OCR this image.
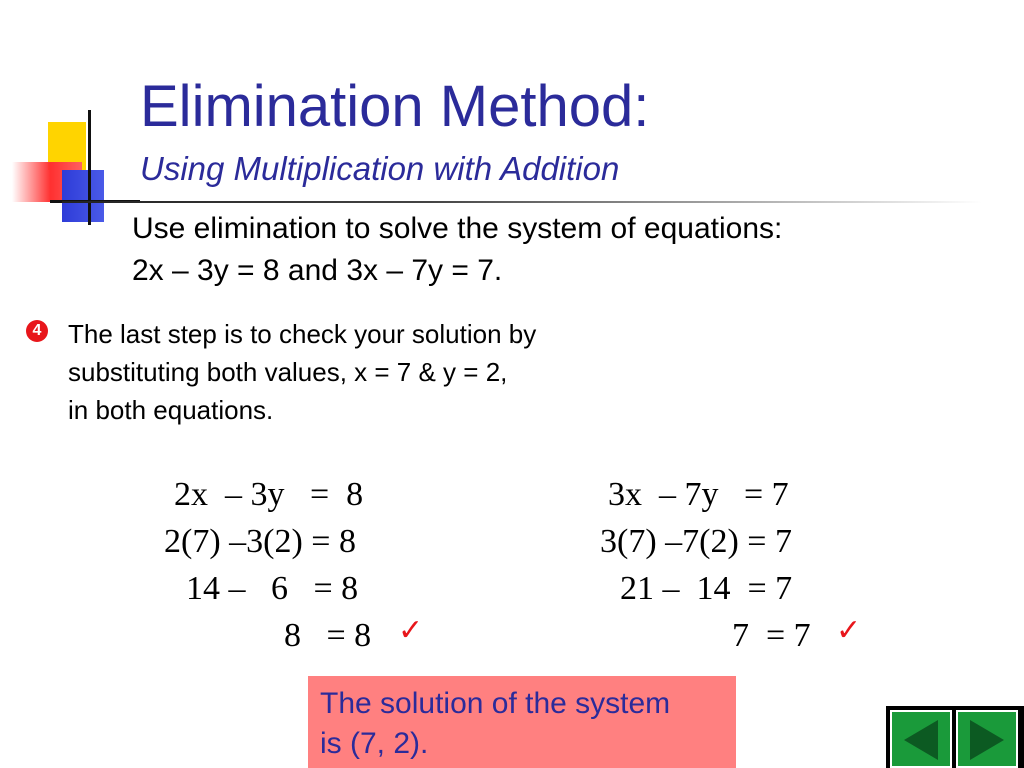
Elimination Method:
Using Multiplication with Addition
Use elimination to solve the system of equations:
2x – 3y = 8 and 3x – 7y = 7.
4 The last step is to check your solution by
substituting both values, x = 7 & y = 2,
in both equations.
2x  – 3y   =  8
2(7) –3(2) = 8
14 –   6   = 8
8   = 8 ✓
3x  – 7y   = 7
3(7) –7(2) = 7
21 –  14  = 7
7  = 7 ✓
The solution of the system
is (7, 2).
